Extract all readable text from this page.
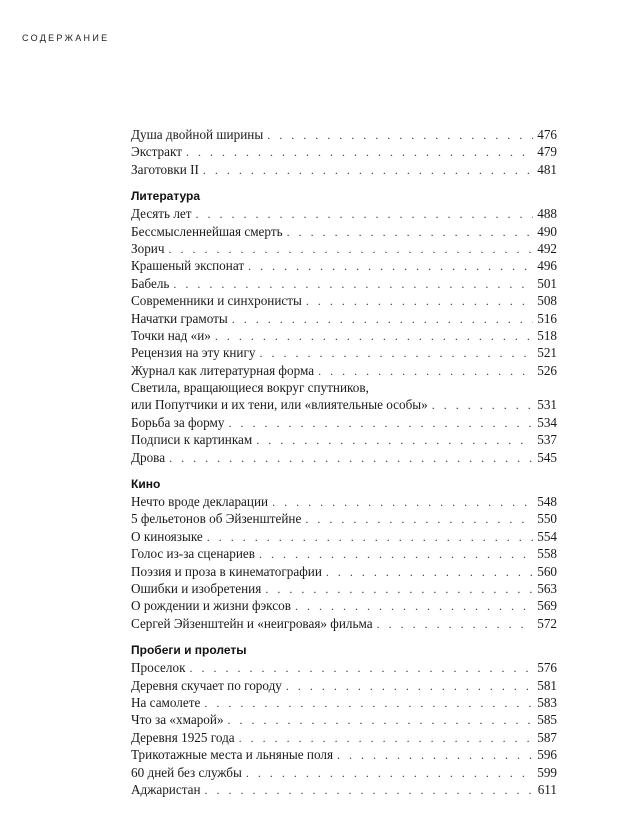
СОДЕРЖАНИЕ
Душа двойной ширины . . .	476
Экстракт . . .	479
Заготовки II . . .	481
Литература
Десять лет . . .	488
Бессмысленнейшая смерть . . .	490
Зорич . . .	492
Крашеный экспонат . . .	496
Бабель . . .	501
Современники и синхронисты . . .	508
Начатки грамоты . . .	516
Точки над «и» . . .	518
Рецензия на эту книгу . . .	521
Журнал как литературная форма . . .	526
Светила, вращающиеся вокруг спутников,
или Попутчики и их тени, или «влиятельные особы» . . .	531
Борьба за форму . . .	534
Подписи к картинкам . . .	537
Дрова . . .	545
Кино
Нечто вроде декларации . . .	548
5 фельетонов об Эйзенштейне . . .	550
О киноязыке . . .	554
Голос из-за сценариев . . .	558
Поэзия и проза в кинематографии . . .	560
Ошибки и изобретения . . .	563
О рождении и жизни фэксов . . .	569
Сергей Эйзенштейн и «неигровая» фильма . . .	572
Пробеги и пролеты
Проселок . . .	576
Деревня скучает по городу . . .	581
На самолете . . .	583
Что за «хмарой» . . .	585
Деревня 1925 года . . .	587
Трикотажные места и льняные поля . . .	596
60 дней без службы . . .	599
Аджаристан . . .	611
